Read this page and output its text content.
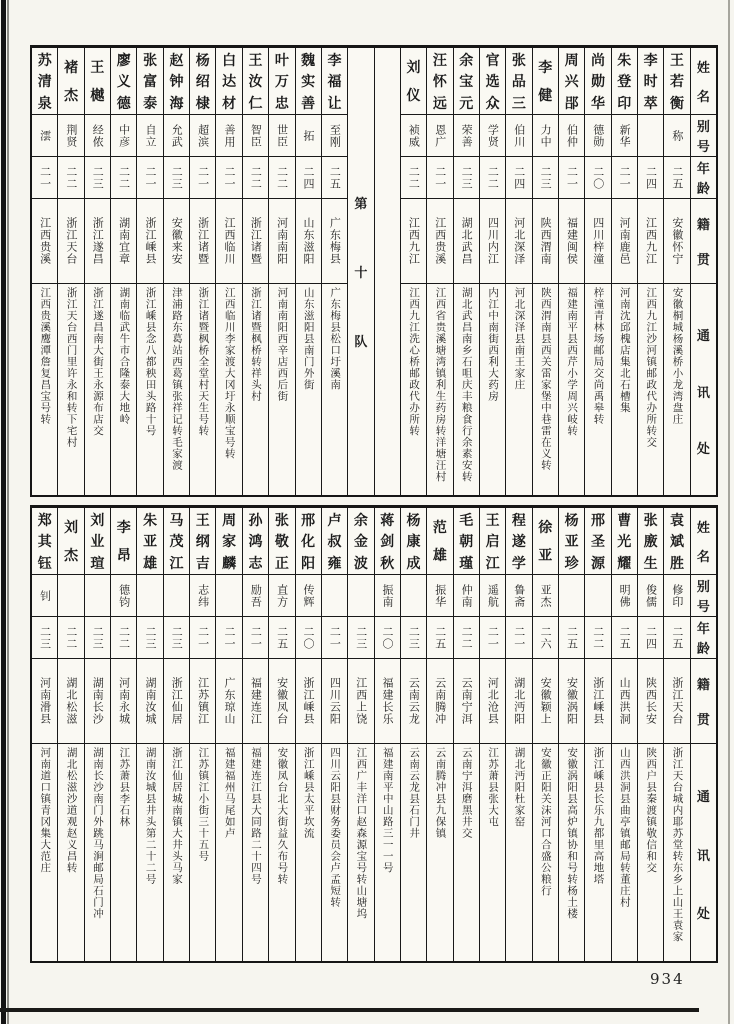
姓
名
别
号
年
龄
籍
贯
通
讯
处
王
若
衡
称
二五
安徽怀宁
安徽桐城杨溪桥小龙湾盘庄
李
时
萃
二四
江西九江
江西九江沙河镇邮政代办所转交
朱
登
印
新华
二一
河南鹿邑
河南沈邱槐店集北石槽集
尚
勋
华
德勋
二〇
四川梓潼
梓潼青林场邮局交尚禹皋转
周
兴
郘
伯仲
二一
福建闽侯
福建南平县西芹小学周兴岐转
李
健
力中
二三
陕西渭南
陕西渭南县西关雷家堡中巷雷在义转
张
品
三
伯川
二四
河北深泽
河北深泽县南王家庄
官
选
众
学贤
二二
四川内江
内江中南街西利大药房
余
宝
元
荣善
二三
湖北武昌
湖北武昌南乡石咀庆丰粮食行余素安转
汪
怀
远
恩广
二一
江西贵溪
江西省贵溪塘湾镇利生药房转洋塘汪村
刘
仪
祯威
二二
江西九江
江西九江洗心桥邮政代办所转
第
十
队
李
福
让
至刚
二五
广东梅县
广东梅县松口圩溪南
魏
实
善
拓
二四
山东滋阳
山东滋阳县南门外街
叶
万
忠
世臣
二二
河南南阳
河南南阳西辛店西后街
王
汝
仁
智臣
二二
浙江诸暨
浙江诸暨枫桥转祥头村
白
达
材
善用
二一
江西临川
江西临川李家渡大冈圩永顺宝号转
杨
绍
棣
超滨
二一
浙江诸暨
浙江诸暨枫桥全堂村天生号转
赵
钟
海
允武
二三
安徽来安
津浦路东葛站西葛镇张祥记转毛家渡
张
富
泰
自立
二一
浙江嵊县
浙江嵊县念八都秧田头路十号
廖
义
德
中彦
二二
湖南宜章
湖南临武牛市合隆泰大地岭
王
樾
经侬
二三
浙江遂昌
浙江遂昌南大街王永源布店交
褚
杰
荆贤
二二
浙江天台
浙江天台西门里许永和转下宅村
苏
清
泉
澐
二一
江西贵溪
江西贵溪鹰潭詹复昌宝号转
姓
名
别
号
年
龄
籍
贯
通
讯
处
袁
斌
胜
修印
二五
浙江天台
浙江天台城内耶苏堂转东乡上山王袁家
张
廒
生
俊儒
二四
陕西长安
陕西户县秦渡镇敬信和交
曹
光
耀
明佛
二五
山西洪洞
山西洪洞县曲亭镇邮局转董庄村
邢
圣
源
二二
浙江嵊县
浙江嵊县长乐九都里高地塔
杨
亚
珍
二五
安徽涡阳
安徽涡阳县高炉镇协和号转杨土楼
徐
亚
亚杰
二六
安徽颖上
安徽正阳关沫河口合盛公粮行
程
遂
学
鲁斋
二一
湖北沔阳
湖北沔阳杜家窑
王
启
江
遥航
二一
河北沧县
江苏萧县张大屯
毛
朝
瑾
仲南
二二
云南宁洱
云南宁洱磨黑井交
范
雄
振华
二五
云南腾冲
云南腾冲县九保镇
杨
康
成
二三
云南云龙
云南云龙县石门井
蒋
剑
秋
振南
二〇
福建长乐
福建南平中山路三一一号
余
金
波
二三
江西上饶
江西广丰洋口赵森源宝号转山塘坞
卢
叔
雍
二一
四川云阳
四川云阳县财务委员会卢孟短转
邢
化
阳
传辉
二〇
浙江嵊县
浙江嵊县太平坎流
张
敬
正
直方
二五
安徽凤台
安徽凤台北大街益久布号转
孙
鸿
志
励吾
二一
福建连江
福建连江县大同路二十四号
周
家
麟
二一
广东琼山
福建福州马尾如卢
王
纲
吉
志纬
二一
江苏镇江
江苏镇江小街三十五号
马
茂
江
二三
浙江仙居
浙江仙居城南镇大井头马家
朱
亚
雄
二三
湖南汝城
湖南汝城县井头第二十二号
李
昂
德钧
二二
河南永城
江苏萧县李石林
刘
业
瑄
二三
湖南长沙
湖南长沙南门外跳马涧邮局石门冲
刘
杰
二二
湖北松滋
湖北松滋沙道观赵义昌转
郑
其
钰
钊
二三
河南滑县
河南道口镇青冈集大范庄
934
